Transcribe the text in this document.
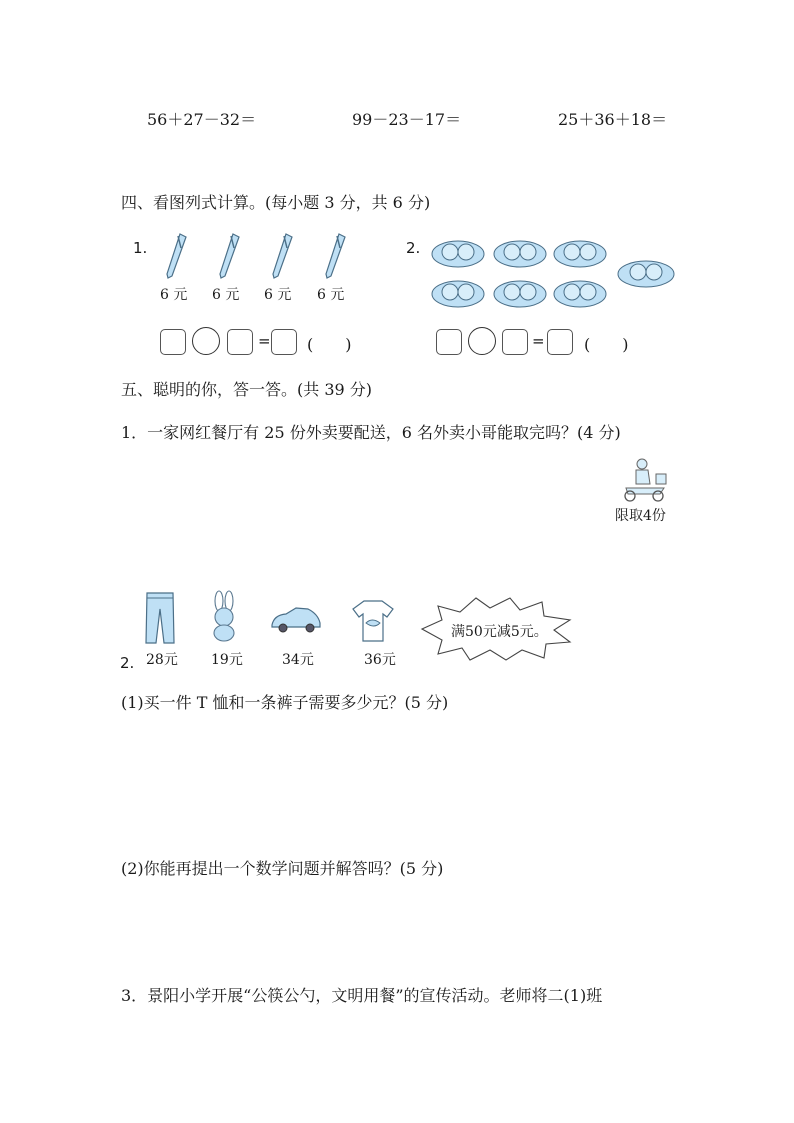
56＋27－32＝	99－23－17＝	25＋36＋18＝
四、看图列式计算。(每小题 3 分，共 6 分)
1.
6 元 6 元 6 元 6 元
= (　　)
2.
= (　　)
五、聪明的你，答一答。(共 39 分)
1．一家网红餐厅有 25 份外卖要配送，6 名外卖小哥能取完吗？(4 分)
限取4份
满50元减5元。
2. 28元 19元	34元	36元
(1)买一件 T 恤和一条裤子需要多少元？(5 分)
(2)你能再提出一个数学问题并解答吗？(5 分)
3．景阳小学开展“公筷公勺，文明用餐”的宣传活动。老师将二(1)班
